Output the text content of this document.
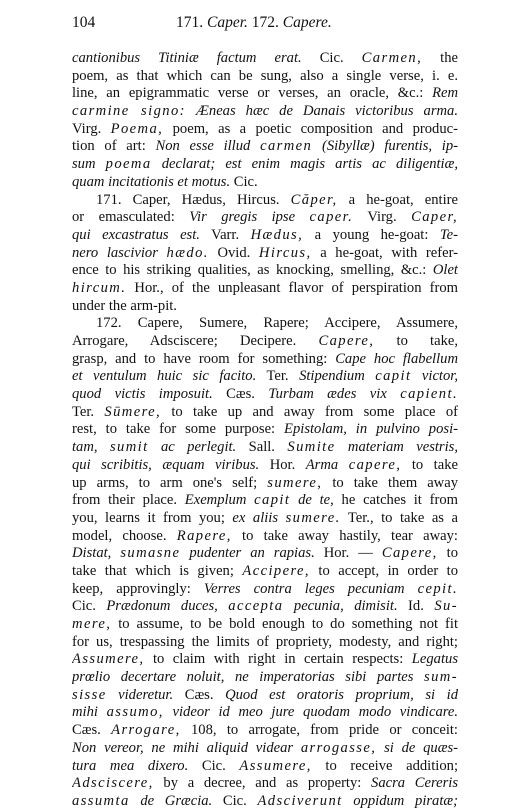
104	171. Caper. 172. Capere.
cantionibus Titiniæ factum erat. Cic. Carmen, the
poem, as that which can be sung, also a single verse, i. e.
line, an epigrammatic verse or verses, an oracle, &c.: Rem
carmine signo: Æneas hæc de Danais victoribus arma.
Virg. Poema, poem, as a poetic composition and produc-
tion of art: Non esse illud carmen (Sibyllæ) furentis, ip-
sum poema declarat; est enim magis artis ac diligentiæ,
quam incitationis et motus. Cic.
171. Caper, Hædus, Hircus. Căper, a he-goat, entire
or emasculated: Vir gregis ipse caper. Virg. Caper,
qui excastratus est. Varr. Hædus, a young he-goat: Te-
nero lascivior hædo. Ovid. Hircus, a he-goat, with refer-
ence to his striking qualities, as knocking, smelling, &c.: Olet
hircum. Hor., of the unpleasant flavor of perspiration from
under the arm-pit.
172. Capere, Sumere, Rapere; Accipere, Assumere,
Arrogare, Adsciscere; Decipere. Capere, to take,
grasp, and to have room for something: Cape hoc flabellum
et ventulum huic sic facito. Ter. Stipendium capit victor,
quod victis imposuit. Cæs. Turbam ædes vix capient.
Ter. Sūmere, to take up and away from some place of
rest, to take for some purpose: Epistolam, in pulvino posi-
tam, sumit ac perlegit. Sall. Sumite materiam vestris,
qui scribitis, æquam viribus. Hor. Arma capere, to take
up arms, to arm one's self; sumere, to take them away
from their place. Exemplum capit de te, he catches it from
you, learns it from you; ex aliis sumere. Ter., to take as a
model, choose. Rapere, to take away hastily, tear away:
Distat, sumasne pudenter an rapias. Hor. — Capere, to
take that which is given; Accipere, to accept, in order to
keep, approvingly: Verres contra leges pecuniam cepit.
Cic. Prædonum duces, accepta pecunia, dimisit. Id. Su-
mere, to assume, to be bold enough to do something not fit
for us, trespassing the limits of propriety, modesty, and right;
Assumere, to claim with right in certain respects: Legatus
prœlio decertare noluit, ne imperatorias sibi partes sum-
sisse videretur. Cæs. Quod est oratoris proprium, si id
mihi assumo, videor id meo jure quodam modo vindicare.
Cæs. Arrogare, 108, to arrogate, from pride or conceit:
Non vereor, ne mihi aliquid videar arrogasse, si de quæs-
tura mea dixero. Cic. Assumere, to receive addition;
Adsciscere, by a decree, and as property: Sacra Cereris
assumta de Græcia. Cic. Adsciverunt oppidum piratæ;
